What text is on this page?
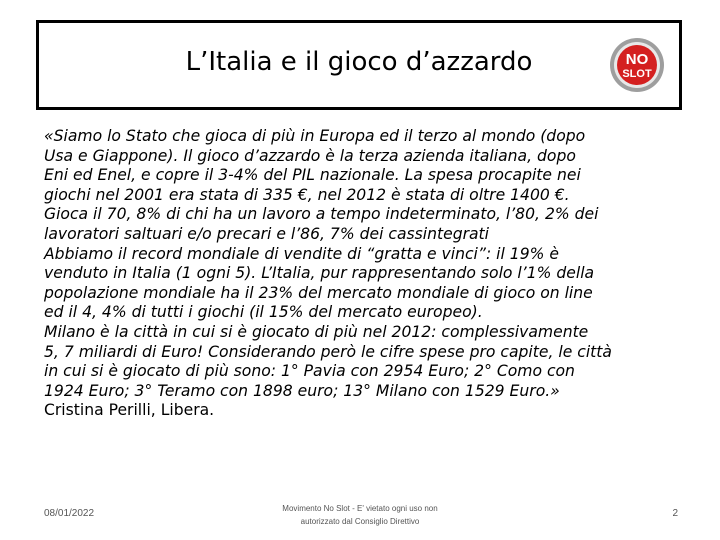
L’Italia e il gioco d’azzardo	NO
SLOT

«Siamo lo Stato che gioca di più in Europa ed il terzo al mondo (dopo

Usa e Giappone). Il gioco d’azzardo è la terza azienda italiana, dopo

Eni ed Enel, e copre il 3-4% del PIL nazionale. La spesa procapite nei

giochi nel 2001 era stata di 335 €, nel 2012 è stata di oltre 1400 €.

Gioca il 70, 8% di chi ha un lavoro a tempo indeterminato, l’80, 2% dei

lavoratori saltuari e/o precari e l’86, 7% dei cassintegrati

Abbiamo il record mondiale di vendite di “gratta e vinci”: il 19% è

venduto in Italia (1 ogni 5). L’Italia, pur rappresentando solo l’1% della

popolazione mondiale ha il 23% del mercato mondiale di gioco on line

ed il 4, 4% di tutti i giochi (il 15% del mercato europeo).

Milano è la città in cui si è giocato di più nel 2012: complessivamente

5, 7 miliardi di Euro! Considerando però le cifre spese pro capite, le città

in cui si è giocato di più sono: 1° Pavia con 2954 Euro; 2° Como con

1924 Euro; 3° Teramo con 1898 euro; 13° Milano con 1529 Euro.»

Cristina Perilli, Libera.

08/01/2022	Movimento No Slot - E' vietato ogni uso non
autorizzato dal Consiglio Direttivo
2
